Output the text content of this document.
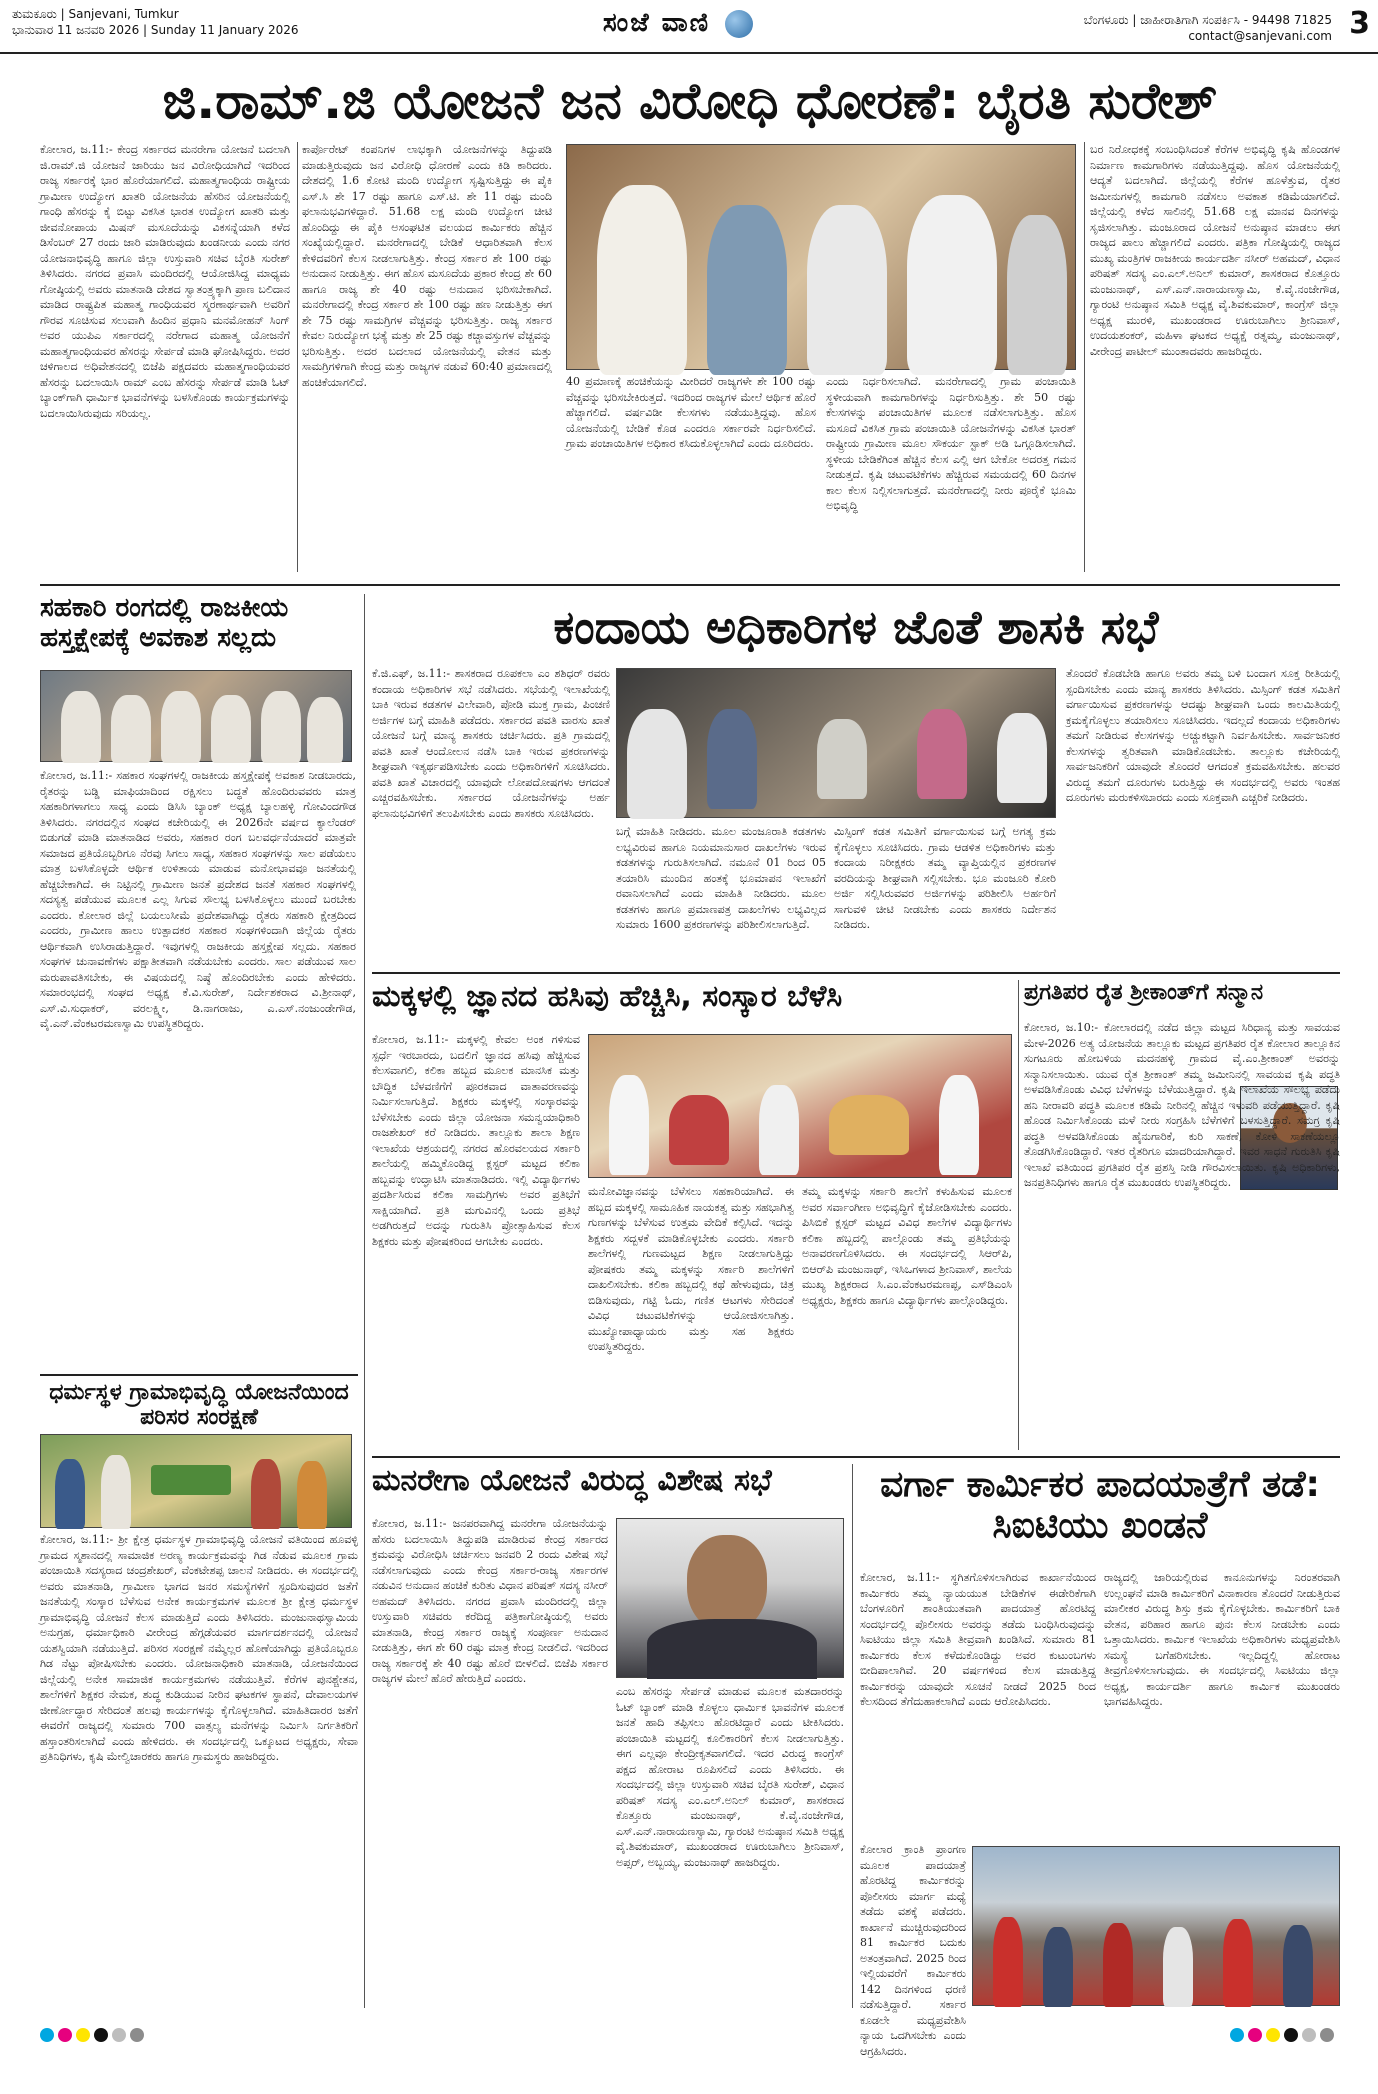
ತುಮಕೂರು | Sanjevani, Tumkur
ಭಾನುವಾರ 11 ಜನವರಿ 2026 | Sunday 11 January 2026	ಸಂಜೆ ವಾಣಿ	ಬೆಂಗಳೂರು | ಜಾಹೀರಾತಿಗಾಗಿ ಸಂಪರ್ಕಿಸಿ - 94498 71825
contact@sanjevani.com 3
ಜಿ.ರಾಮ್.ಜಿ ಯೋಜನೆ ಜನ ವಿರೋಧಿ ಧೋರಣೆ: ಬೈರತಿ ಸುರೇಶ್
ಕೋಲಾರ, ಜ.11:- ಕೇಂದ್ರ ಸರ್ಕಾರದ ಮನರೇಗಾ ಯೋಜನೆ ಬದಲಾಗಿ ಜಿ.ರಾಮ್.ಜಿ ಯೋಜನೆ ಜಾರಿಯು ಜನ ವಿರೋಧಿಯಾಗಿದೆ ಇದರಿಂದ ರಾಜ್ಯ ಸರ್ಕಾರಕ್ಕೆ ಭಾರ ಹೊರೆಯಾಗಲಿದೆ. ಮಹಾತ್ಮಗಾಂಧಿಯ ರಾಷ್ಟ್ರೀಯ ಗ್ರಾಮೀಣ ಉದ್ಯೋಗ ಖಾತರಿ ಯೋಜನೆಯ ಹೆಸರಿನ ಯೋಜನೆಯಲ್ಲಿ ಗಾಂಧಿ ಹೆಸರನ್ನು ಕೈ ಬಿಟ್ಟು ವಿಕಸಿತ ಭಾರತ ಉದ್ಯೋಗ ಖಾತರಿ ಮತ್ತು ಜೀವನೋಪಾಯ ಮಿಷನ್ ಮಸೂದೆಯನ್ನು ವಿಕಸನ್ನೆಯಾಗಿ ಕಳೆದ ಡಿಸೆಂಬರ್ 27 ರಂದು ಜಾರಿ ಮಾಡಿರುವುದು ಖಂಡನೀಯ ಎಂದು ನಗರ ಯೋಜನಾಭಿವೃದ್ಧಿ ಹಾಗೂ ಜಿಲ್ಲಾ ಉಸ್ತುವಾರಿ ಸಚಿವ ಬೈರತಿ ಸುರೇಶ್ ತಿಳಿಸಿದರು. ನಗರದ ಪ್ರವಾಸಿ ಮಂದಿರದಲ್ಲಿ ಆಯೋಜಿಸಿದ್ದ ಮಾಧ್ಯಮ ಗೋಷ್ಠಿಯಲ್ಲಿ ಅವರು ಮಾತನಾಡಿ ದೇಶದ ಸ್ವಾತಂತ್ರ್ಯಕ್ಕಾಗಿ ಪ್ರಾಣ ಬಲಿದಾನ ಮಾಡಿದ ರಾಷ್ಟ್ರಪಿತ ಮಹಾತ್ಮ ಗಾಂಧಿಯವರ ಸ್ಮರಣಾರ್ಥವಾಗಿ ಅವರಿಗೆ ಗೌರವ ಸೂಚಿಸುವ ಸಲುವಾಗಿ ಹಿಂದಿನ ಪ್ರಧಾನಿ ಮನಮೋಹನ್ ಸಿಂಗ್ ಅವರ ಯುಪಿಎ ಸರ್ಕಾರದಲ್ಲಿ ನರೇಗಾದ ಮಹಾತ್ಮ ಯೋಜನೆಗೆ ಮಹಾತ್ಮಗಾಂಧಿಯವರ ಹೆಸರನ್ನು ಸೇರ್ಪಡೆ ಮಾಡಿ ಘೋಷಿಸಿದ್ದರು. ಅದರ ಚಳಿಗಾಲದ ಅಧಿವೇಶನದಲ್ಲಿ ಬಿಜೆಪಿ ಪಕ್ಷದವರು ಮಹಾತ್ಮಗಾಂಧಿಯವರ ಹೆಸರನ್ನು ಬದಲಾಯಿಸಿ ರಾಮ್ ಎಂಬ ಹೆಸರನ್ನು ಸೇರ್ಪಡೆ ಮಾಡಿ ಓಟ್ ಬ್ಯಾಂಕ್‌ಗಾಗಿ ಧಾರ್ಮಿಕ ಭಾವನೆಗಳನ್ನು ಬಳಸಿಕೊಂಡು ಕಾರ್ಯಕ್ರಮಗಳನ್ನು ಬದಲಾಯಿಸಿರುವುದು ಸರಿಯಲ್ಲ.
ಕಾರ್ಪೊರೇಟ್ ಕಂಪನಿಗಳ ಲಾಭಕ್ಕಾಗಿ ಯೋಜನೆಗಳನ್ನು ತಿದ್ದುಪಡಿ ಮಾಡುತ್ತಿರುವುದು ಜನ ವಿರೋಧಿ ಧೋರಣೆ ಎಂದು ಕಿಡಿ ಕಾರಿದರು. ದೇಶದಲ್ಲಿ 1.6 ಕೋಟಿ ಮಂದಿ ಉದ್ಯೋಗ ಸೃಷ್ಟಿಸುತ್ತಿದ್ದು ಈ ಪೈಕಿ ಎಸ್.ಸಿ ಶೇ 17 ರಷ್ಟು ಹಾಗೂ ಎಸ್.ಟಿ. ಶೇ 11 ರಷ್ಟು ಮಂದಿ ಫಲಾನುಭವಿಗಳಿದ್ದಾರೆ. 51.68 ಲಕ್ಷ ಮಂದಿ ಉದ್ಯೋಗ ಚೀಟಿ ಹೊಂದಿದ್ದು ಈ ಪೈಕಿ ಅಸಂಘಟಿತ ವಲಯದ ಕಾರ್ಮಿಕರು ಹೆಚ್ಚಿನ ಸಂಖ್ಯೆಯಲ್ಲಿದ್ದಾರೆ. ಮನರೇಗಾದಲ್ಲಿ ಬೇಡಿಕೆ ಆಧಾರಿತವಾಗಿ ಕೆಲಸ ಕೇಳಿದವರಿಗೆ ಕೆಲಸ ನೀಡಲಾಗುತ್ತಿತ್ತು. ಕೇಂದ್ರ ಸರ್ಕಾರ ಶೇ 100 ರಷ್ಟು ಅನುದಾನ ನೀಡುತ್ತಿತ್ತು. ಈಗ ಹೊಸ ಮಸೂದೆಯ ಪ್ರಕಾರ ಕೇಂದ್ರ ಶೇ 60 ಹಾಗೂ ರಾಜ್ಯ ಶೇ 40 ರಷ್ಟು ಅನುದಾನ ಭರಿಸಬೇಕಾಗಿದೆ. ಮನರೇಗಾದಲ್ಲಿ ಕೇಂದ್ರ ಸರ್ಕಾರ ಶೇ 100 ರಷ್ಟು ಹಣ ನೀಡುತ್ತಿತ್ತು ಈಗ ಶೇ 75 ರಷ್ಟು ಸಾಮಗ್ರಿಗಳ ವೆಚ್ಚವನ್ನು ಭರಿಸುತ್ತಿತ್ತು. ರಾಜ್ಯ ಸರ್ಕಾರ ಕೇವಲ ನಿರುದ್ಯೋಗ ಭತ್ಯೆ ಮತ್ತು ಶೇ 25 ರಷ್ಟು ಕಚ್ಚಾವಸ್ತುಗಳ ವೆಚ್ಚವನ್ನು ಭರಿಸುತ್ತಿತ್ತು. ಅದರ ಬದಲಾದ ಯೋಜನೆಯಲ್ಲಿ ವೇತನ ಮತ್ತು ಸಾಮಗ್ರಿಗಳಿಗಾಗಿ ಕೇಂದ್ರ ಮತ್ತು ರಾಜ್ಯಗಳ ನಡುವೆ 60:40 ಪ್ರಮಾಣದಲ್ಲಿ ಹಂಚಿಕೆಯಾಗಲಿದೆ.	40 ಪ್ರಮಾಣಕ್ಕೆ ಹಂಚಿಕೆಯನ್ನು ಮೀರಿದರೆ ರಾಜ್ಯಗಳೇ ಶೇ 100 ರಷ್ಟು ವೆಚ್ಚವನ್ನು ಭರಿಸಬೇಕಿರುತ್ತದೆ. ಇದರಿಂದ ರಾಜ್ಯಗಳ ಮೇಲೆ ಆರ್ಥಿಕ ಹೊರೆ ಹೆಚ್ಚಾಗಲಿದೆ. ವರ್ಷವಿಡೀ ಕೆಲಸಗಳು ನಡೆಯುತ್ತಿದ್ದವು. ಹೊಸ ಯೋಜನೆಯಲ್ಲಿ ಬೇಡಿಕೆ ಕೊಡ ಎಂದರೂ ಸರ್ಕಾರವೇ ನಿರ್ಧರಿಸಲಿದೆ. ಗ್ರಾಮ ಪಂಚಾಯಿತಿಗಳ ಅಧಿಕಾರ ಕಸಿದುಕೊಳ್ಳಲಾಗಿದೆ ಎಂದು ದೂರಿದರು.
ಎಂದು ನಿರ್ಧರಿಸಲಾಗಿದೆ. ಮನರೇಗಾದಲ್ಲಿ ಗ್ರಾಮ ಪಂಚಾಯಿತಿ ಸ್ಥಳೀಯವಾಗಿ ಕಾಮಗಾರಿಗಳನ್ನು ನಿರ್ಧರಿಸುತ್ತಿತ್ತು. ಶೇ 50 ರಷ್ಟು ಕೆಲಸಗಳನ್ನು ಪಂಚಾಯಿತಿಗಳ ಮೂಲಕ ನಡೆಸಲಾಗುತ್ತಿತ್ತು. ಹೊಸ ಮಸೂದೆ ವಿಕಸಿತ ಗ್ರಾಮ ಪಂಚಾಯಿತಿ ಯೋಜನೆಗಳನ್ನು ವಿಕಸಿತ ಭಾರತ್ ರಾಷ್ಟ್ರೀಯ ಗ್ರಾಮೀಣ ಮೂಲ ಸೌಕರ್ಯ ಸ್ಟಾಕ್ ಅಡಿ ಒಗ್ಗೂಡಿಸಲಾಗಿದೆ. ಸ್ಥಳೀಯ ಬೇಡಿಕೆಗಿಂತ ಹೆಚ್ಚಿನ ಕೆಲಸ ಎಲ್ಲಿ ಆಗ ಬೇಕೋ ಅದರತ್ತ ಗಮನ ನೀಡುತ್ತದೆ. ಕೃಷಿ ಚಟುವಟಿಕೆಗಳು ಹೆಚ್ಚಿರುವ ಸಮಯದಲ್ಲಿ 60 ದಿನಗಳ ಕಾಲ ಕೆಲಸ ನಿಲ್ಲಿಸಲಾಗುತ್ತದೆ. ಮನರೇಗಾದಲ್ಲಿ ನೀರು ಪೂರೈಕೆ ಭೂಮಿ ಅಭಿವೃದ್ಧಿ
ಬರ ನಿರೋಧಕಕ್ಕೆ ಸಂಬಂಧಿಸಿದಂತೆ ಕೆರೆಗಳ ಅಭಿವೃದ್ಧಿ ಕೃಷಿ ಹೊಂಡಗಳ ನಿರ್ಮಾಣ ಕಾಮಗಾರಿಗಳು ನಡೆಯುತ್ತಿದ್ದವು. ಹೊಸ ಯೋಜನೆಯಲ್ಲಿ ಆದ್ಯತೆ ಬದಲಾಗಿದೆ. ಜಿಲ್ಲೆಯಲ್ಲಿ ಕೆರೆಗಳ ಹೂಳೆತ್ತುವ, ರೈತರ ಜಮೀನುಗಳಲ್ಲಿ ಕಾಮಗಾರಿ ನಡೆಸಲು ಅವಕಾಶ ಕಡಿಮೆಯಾಗಲಿದೆ. ಜಿಲ್ಲೆಯಲ್ಲಿ ಕಳೆದ ಸಾಲಿನಲ್ಲಿ 51.68 ಲಕ್ಷ ಮಾನವ ದಿನಗಳನ್ನು ಸೃಜಿಸಲಾಗಿತ್ತು. ಮಂಜೂರಾದ ಯೋಜನೆ ಅನುಷ್ಠಾನ ಮಾಡಲು ಈಗ ರಾಜ್ಯದ ಪಾಲು ಹೆಚ್ಚಾಗಲಿದೆ ಎಂದರು. ಪತ್ರಿಕಾ ಗೋಷ್ಠಿಯಲ್ಲಿ ರಾಜ್ಯದ ಮುಖ್ಯ ಮಂತ್ರಿಗಳ ರಾಜಕೀಯ ಕಾರ್ಯದರ್ಶಿ ನಸೀರ್ ಅಹಮದ್, ವಿಧಾನ ಪರಿಷತ್ ಸದಸ್ಯ ಎಂ.ಎಲ್.ಅನಿಲ್ ಕುಮಾರ್, ಶಾಸಕರಾದ ಕೊತ್ತೂರು ಮಂಜುನಾಥ್, ಎಸ್.ಎನ್.ನಾರಾಯಣಸ್ವಾಮಿ, ಕೆ.ವೈ.ನಂಜೇಗೌಡ, ಗ್ಯಾರಂಟಿ ಅನುಷ್ಠಾನ ಸಮಿತಿ ಅಧ್ಯಕ್ಷ ವೈ.ಶಿವಕುಮಾರ್, ಕಾಂಗ್ರೆಸ್ ಜಿಲ್ಲಾ ಅಧ್ಯಕ್ಷ ಮುರಳಿ, ಮುಖಂಡರಾದ ಊರುಬಾಗಿಲು ಶ್ರೀನಿವಾಸ್, ಉದಯಶಂಕರ್, ಮಹಿಳಾ ಘಟಕದ ಅಧ್ಯಕ್ಷೆ ರತ್ನಮ್ಮ, ಮಂಜುನಾಥ್, ವೀರೇಂದ್ರ ಪಾಟೀಲ್ ಮುಂತಾದವರು ಹಾಜರಿದ್ದರು.
ಸಹಕಾರಿ ರಂಗದಲ್ಲಿ ರಾಜಕೀಯ ಹಸ್ತಕ್ಷೇಪಕ್ಕೆ ಅವಕಾಶ ಸಲ್ಲದು
ಕೋಲಾರ, ಜ.11:- ಸಹಕಾರ ಸಂಘಗಳಲ್ಲಿ ರಾಜಕೀಯ ಹಸ್ತಕ್ಷೇಪಕ್ಕೆ ಅವಕಾಶ ನೀಡಬಾರದು, ರೈತರನ್ನು ಬಡ್ಡಿ ಮಾಫಿಯಾದಿಂದ ರಕ್ಷಿಸಲು ಬದ್ಧತೆ ಹೊಂದಿರುವವರು ಮಾತ್ರ ಸಹಕಾರಿಗಳಾಗಲು ಸಾಧ್ಯ ಎಂದು ಡಿಸಿಸಿ ಬ್ಯಾಂಕ್ ಅಧ್ಯಕ್ಷ ಬ್ಯಾಲಹಳ್ಳಿ ಗೋವಿಂದಗೌಡ ತಿಳಿಸಿದರು. ನಗರದಲ್ಲಿನ ಸಂಘದ ಕಚೇರಿಯಲ್ಲಿ ಈ 2026ನೇ ವರ್ಷದ ಕ್ಯಾಲೆಂಡರ್ ಬಿಡುಗಡೆ ಮಾಡಿ ಮಾತನಾಡಿದ ಅವರು, ಸಹಕಾರ ರಂಗ ಬಲವರ್ಧನೆಯಾದರೆ ಮಾತ್ರವೇ ಸಮಾಜದ ಪ್ರತಿಯೊಬ್ಬರಿಗೂ ನೆರವು ಸಿಗಲು ಸಾಧ್ಯ, ಸಹಕಾರ ಸಂಘಗಳನ್ನು ಸಾಲ ಪಡೆಯಲು ಮಾತ್ರ ಬಳಸಿಕೊಳ್ಳದೇ ಆರ್ಥಿಕ ಉಳಿತಾಯ ಮಾಡುವ ಮನೋಭಾವವೂ ಜನತೆಯಲ್ಲಿ ಹೆಚ್ಚಬೇಕಾಗಿದೆ. ಈ ನಿಟ್ಟಿನಲ್ಲಿ ಗ್ರಾಮೀಣ ಜನತೆ ಪ್ರದೇಶದ ಜನತೆ ಸಹಕಾರ ಸಂಘಗಳಲ್ಲಿ ಸದಸ್ಯತ್ವ ಪಡೆಯುವ ಮೂಲಕ ಎಲ್ಲ ಸಿಗುವ ಸೌಲಭ್ಯ ಬಳಸಿಕೊಳ್ಳಲು ಮುಂದೆ ಬರಬೇಕು ಎಂದರು. ಕೋಲಾರ ಜಿಲ್ಲೆ ಬಯಲುಸೀಮೆ ಪ್ರದೇಶವಾಗಿದ್ದು ರೈತರು ಸಹಕಾರಿ ಕ್ಷೇತ್ರದಿಂದ ಎಂದರು, ಗ್ರಾಮೀಣ ಹಾಲು ಉತ್ಪಾದಕರ ಸಹಕಾರ ಸಂಘಗಳಿಂದಾಗಿ ಜಿಲ್ಲೆಯ ರೈತರು ಆರ್ಥಿಕವಾಗಿ ಉಸಿರಾಡುತ್ತಿದ್ದಾರೆ. ಇವುಗಳಲ್ಲಿ ರಾಜಕೀಯ ಹಸ್ತಕ್ಷೇಪ ಸಲ್ಲದು. ಸಹಕಾರ ಸಂಘಗಳ ಚುನಾವಣೆಗಳು ಪಕ್ಷಾತೀತವಾಗಿ ನಡೆಯಬೇಕು ಎಂದರು. ಸಾಲ ಪಡೆಯುವ ಸಾಲ ಮರುಪಾವತಿಸಬೇಕು, ಈ ವಿಷಯದಲ್ಲಿ ನಿಷ್ಠೆ ಹೊಂದಿರಬೇಕು ಎಂದು ಹೇಳಿದರು. ಸಮಾರಂಭದಲ್ಲಿ ಸಂಘದ ಅಧ್ಯಕ್ಷ ಕೆ.ವಿ.ಸುರೇಶ್, ನಿರ್ದೇಶಕರಾದ ವಿ.ಶ್ರೀನಾಥ್, ಎಸ್.ವಿ.ಸುಧಾಕರ್, ವರಲಕ್ಷ್ಮೀ, ಡಿ.ನಾಗರಾಜು, ಎ.ಎಸ್.ನಂಜುಂಡೇಗೌಡ, ವೈ.ಎನ್.ವೆಂಕಟರಮಣಸ್ವಾಮಿ ಉಪಸ್ಥಿತರಿದ್ದರು.
ಧರ್ಮಸ್ಥಳ ಗ್ರಾಮಾಭಿವೃದ್ಧಿ ಯೋಜನೆಯಿಂದ ಪರಿಸರ ಸಂರಕ್ಷಣೆ
ಕೋಲಾರ, ಜ.11:- ಶ್ರೀ ಕ್ಷೇತ್ರ ಧರ್ಮಸ್ಥಳ ಗ್ರಾಮಾಭಿವೃದ್ಧಿ ಯೋಜನೆ ವತಿಯಿಂದ ಹೂವಳ್ಳಿ ಗ್ರಾಮದ ಸ್ಮಶಾನದಲ್ಲಿ ಸಾಮಾಜಿಕ ಅರಣ್ಯ ಕಾರ್ಯಕ್ರಮವನ್ನು ಗಿಡ ನೆಡುವ ಮೂಲಕ ಗ್ರಾಮ ಪಂಚಾಯಿತಿ ಸದಸ್ಯರಾದ ಚಂದ್ರಶೇಖರ್, ವೆಂಕಟೇಶಪ್ಪ ಚಾಲನೆ ನೀಡಿದರು. ಈ ಸಂದರ್ಭದಲ್ಲಿ ಅವರು ಮಾತನಾಡಿ, ಗ್ರಾಮೀಣ ಭಾಗದ ಜನರ ಸಮಸ್ಯೆಗಳಿಗೆ ಸ್ಪಂದಿಸುವುದರ ಜತೆಗೆ ಜನತೆಯಲ್ಲಿ ಸಂಸ್ಕಾರ ಬೆಳೆಸುವ ಅನೇಕ ಕಾರ್ಯಕ್ರಮಗಳ ಮೂಲಕ ಶ್ರೀ ಕ್ಷೇತ್ರ ಧರ್ಮಸ್ಥಳ ಗ್ರಾಮಾಭಿವೃದ್ಧಿ ಯೋಜನೆ ಕೆಲಸ ಮಾಡುತ್ತಿದೆ ಎಂದು ತಿಳಿಸಿದರು. ಮಂಜುನಾಥಸ್ವಾಮಿಯ ಅನುಗ್ರಹ, ಧರ್ಮಾಧಿಕಾರಿ ವೀರೇಂದ್ರ ಹೆಗ್ಗಡೆಯವರ ಮಾರ್ಗದರ್ಶನದಲ್ಲಿ ಯೋಜನೆ ಯಶಸ್ವಿಯಾಗಿ ನಡೆಯುತ್ತಿದೆ. ಪರಿಸರ ಸಂರಕ್ಷಣೆ ನಮ್ಮೆಲ್ಲರ ಹೊಣೆಯಾಗಿದ್ದು ಪ್ರತಿಯೊಬ್ಬರೂ ಗಿಡ ನೆಟ್ಟು ಪೋಷಿಸಬೇಕು ಎಂದರು. ಯೋಜನಾಧಿಕಾರಿ ಮಾತನಾಡಿ, ಯೋಜನೆಯಿಂದ ಜಿಲ್ಲೆಯಲ್ಲಿ ಅನೇಕ ಸಾಮಾಜಿಕ ಕಾರ್ಯಕ್ರಮಗಳು ನಡೆಯುತ್ತಿವೆ. ಕೆರೆಗಳ ಪುನಶ್ಚೇತನ, ಶಾಲೆಗಳಿಗೆ ಶಿಕ್ಷಕರ ನೇಮಕ, ಶುದ್ಧ ಕುಡಿಯುವ ನೀರಿನ ಘಟಕಗಳ ಸ್ಥಾಪನೆ, ದೇವಾಲಯಗಳ ಜೀರ್ಣೋದ್ಧಾರ ಸೇರಿದಂತೆ ಹಲವು ಕಾರ್ಯಗಳನ್ನು ಕೈಗೊಳ್ಳಲಾಗಿದೆ. ಮಾಹಿತಿದಾರರ ಜತೆಗೆ ಈವರೆಗೆ ರಾಜ್ಯದಲ್ಲಿ ಸುಮಾರು 700 ವಾತ್ಸಲ್ಯ ಮನೆಗಳನ್ನು ನಿರ್ಮಿಸಿ ನಿರ್ಗತಿಕರಿಗೆ ಹಸ್ತಾಂತರಿಸಲಾಗಿದೆ ಎಂದು ಹೇಳಿದರು. ಈ ಸಂದರ್ಭದಲ್ಲಿ ಒಕ್ಕೂಟದ ಅಧ್ಯಕ್ಷರು, ಸೇವಾ ಪ್ರತಿನಿಧಿಗಳು, ಕೃಷಿ ಮೇಲ್ವಿಚಾರಕರು ಹಾಗೂ ಗ್ರಾಮಸ್ಥರು ಹಾಜರಿದ್ದರು.
ಕಂದಾಯ ಅಧಿಕಾರಿಗಳ ಜೊತೆ ಶಾಸಕಿ ಸಭೆ
ಕೆ.ಜಿ.ಎಫ್, ಜ.11:- ಶಾಸಕರಾದ ರೂಪಕಲಾ ಎಂ ಶಶಿಧರ್ ರವರು ಕಂದಾಯ ಅಧಿಕಾರಿಗಳ ಸಭೆ ನಡೆಸಿದರು. ಸಭೆಯಲ್ಲಿ ಇಲಾಖೆಯಲ್ಲಿ ಬಾಕಿ ಇರುವ ಕಡತಗಳ ವಿಲೇವಾರಿ, ಪೋಡಿ ಮುಕ್ತ ಗ್ರಾಮ, ಪಿಂಚಣಿ ಅರ್ಜಿಗಳ ಬಗ್ಗೆ ಮಾಹಿತಿ ಪಡೆದರು. ಸರ್ಕಾರದ ಪವತಿ ವಾರಸು ಖಾತೆ ಯೋಜನೆ ಬಗ್ಗೆ ಮಾನ್ಯ ಶಾಸಕರು ಚರ್ಚಿಸಿದರು. ಪ್ರತಿ ಗ್ರಾಮದಲ್ಲಿ ಪವತಿ ಖಾತೆ ಆಂದೋಲನ ನಡೆಸಿ ಬಾಕಿ ಇರುವ ಪ್ರಕರಣಗಳನ್ನು ಶೀಘ್ರವಾಗಿ ಇತ್ಯರ್ಥಪಡಿಸಬೇಕು ಎಂದು ಅಧಿಕಾರಿಗಳಿಗೆ ಸೂಚಿಸಿದರು. ಪವತಿ ಖಾತೆ ವಿಚಾರದಲ್ಲಿ ಯಾವುದೇ ಲೋಪದೋಷಗಳು ಆಗದಂತೆ ಎಚ್ಚರವಹಿಸಬೇಕು. ಸರ್ಕಾರದ ಯೋಜನೆಗಳನ್ನು ಅರ್ಹ ಫಲಾನುಭವಿಗಳಿಗೆ ತಲುಪಿಸಬೇಕು ಎಂದು ಶಾಸಕರು ಸೂಚಿಸಿದರು.
ಬಗ್ಗೆ ಮಾಹಿತಿ ನೀಡಿದರು. ಮೂಲ ಮಂಜೂರಾತಿ ಕಡತಗಳು ಲಭ್ಯವಿರುವ ಹಾಗೂ ನಿಯಮಾನುಸಾರ ದಾಖಲೆಗಳು ಇರುವ ಕಡತಗಳನ್ನು ಗುರುತಿಸಲಾಗಿದೆ. ನಮೂನೆ 01 ರಿಂದ 05 ತಯಾರಿಸಿ ಮುಂದಿನ ಹಂತಕ್ಕೆ ಭೂಮಾಪನ ಇಲಾಖೆಗೆ ರವಾನಿಸಲಾಗಿದೆ ಎಂದು ಮಾಹಿತಿ ನೀಡಿದರು. ಮೂಲ ಕಡತಗಳು ಹಾಗೂ ಪ್ರಮಾಣಪತ್ರ ದಾಖಲೆಗಳು ಲಭ್ಯವಿಲ್ಲದ ಸುಮಾರು 1600 ಪ್ರಕರಣಗಳನ್ನು ಪರಿಶೀಲಿಸಲಾಗುತ್ತಿದೆ.
ಮಿಸ್ಸಿಂಗ್ ಕಡತ ಸಮಿತಿಗೆ ವರ್ಗಾಯಿಸುವ ಬಗ್ಗೆ ಅಗತ್ಯ ಕ್ರಮ ಕೈಗೊಳ್ಳಲು ಸೂಚಿಸಿದರು. ಗ್ರಾಮ ಆಡಳಿತ ಅಧಿಕಾರಿಗಳು ಮತ್ತು ಕಂದಾಯ ನಿರೀಕ್ಷಕರು ತಮ್ಮ ವ್ಯಾಪ್ತಿಯಲ್ಲಿನ ಪ್ರಕರಣಗಳ ವರದಿಯನ್ನು ಶೀಘ್ರವಾಗಿ ಸಲ್ಲಿಸಬೇಕು. ಭೂ ಮಂಜೂರಿ ಕೋರಿ ಅರ್ಜಿ ಸಲ್ಲಿಸಿರುವವರ ಅರ್ಜಿಗಳನ್ನು ಪರಿಶೀಲಿಸಿ ಅರ್ಹರಿಗೆ ಸಾಗುವಳಿ ಚೀಟಿ ನೀಡಬೇಕು ಎಂದು ಶಾಸಕರು ನಿರ್ದೇಶನ ನೀಡಿದರು.
ತೊಂದರೆ ಕೊಡಬೇಡಿ ಹಾಗೂ ಅವರು ತಮ್ಮ ಬಳಿ ಬಂದಾಗ ಸೂಕ್ತ ರೀತಿಯಲ್ಲಿ ಸ್ಪಂದಿಸಬೇಕು ಎಂದು ಮಾನ್ಯ ಶಾಸಕರು ತಿಳಿಸಿದರು. ಮಿಸ್ಸಿಂಗ್ ಕಡತ ಸಮಿತಿಗೆ ವರ್ಗಾಯಿಸುವ ಪ್ರಕರಣಗಳನ್ನು ಆದಷ್ಟು ಶೀಘ್ರವಾಗಿ ಒಂದು ಕಾಲಮಿತಿಯಲ್ಲಿ ಕ್ರಮಕೈಗೊಳ್ಳಲು ತಯಾರಿಸಲು ಸೂಚಿಸಿದರು. ಇದಲ್ಲದೆ ಕಂದಾಯ ಅಧಿಕಾರಿಗಳು ತಮಗೆ ನೀಡಿರುವ ಕೆಲಸಗಳನ್ನು ಅಚ್ಚುಕಟ್ಟಾಗಿ ನಿರ್ವಹಿಸಬೇಕು. ಸಾರ್ವಜನಿಕರ ಕೆಲಸಗಳನ್ನು ತ್ವರಿತವಾಗಿ ಮಾಡಿಕೊಡಬೇಕು. ತಾಲ್ಲೂಕು ಕಚೇರಿಯಲ್ಲಿ ಸಾರ್ವಜನಿಕರಿಗೆ ಯಾವುದೇ ತೊಂದರೆ ಆಗದಂತೆ ಕ್ರಮವಹಿಸಬೇಕು. ಹಲವರ ವಿರುದ್ಧ ತಮಗೆ ದೂರುಗಳು ಬರುತ್ತಿದ್ದು ಈ ಸಂದರ್ಭದಲ್ಲಿ ಅವರು ಇಂತಹ ದೂರುಗಳು ಮರುಕಳಿಸಬಾರದು ಎಂದು ಸೂಕ್ತವಾಗಿ ಎಚ್ಚರಿಕೆ ನೀಡಿದರು.
ಮಕ್ಕಳಲ್ಲಿ ಜ್ಞಾನದ ಹಸಿವು ಹೆಚ್ಚಿಸಿ, ಸಂಸ್ಕಾರ ಬೆಳೆಸಿ
ಕೋಲಾರ, ಜ.11:- ಮಕ್ಕಳಲ್ಲಿ ಕೇವಲ ಅಂಕ ಗಳಿಸುವ ಸ್ಪರ್ಧೆ ಇರಬಾರದು, ಬದಲಿಗೆ ಜ್ಞಾನದ ಹಸಿವು ಹೆಚ್ಚಿಸುವ ಕೆಲಸವಾಗಲಿ, ಕಲಿಕಾ ಹಬ್ಬದ ಮೂಲಕ ಮಾನಸಿಕ ಮತ್ತು ಬೌದ್ಧಿಕ ಬೆಳವಣಿಗೆಗೆ ಪೂರಕವಾದ ವಾತಾವರಣವನ್ನು ನಿರ್ಮಿಸಲಾಗುತ್ತಿದೆ. ಶಿಕ್ಷಕರು ಮಕ್ಕಳಲ್ಲಿ ಸಂಸ್ಕಾರವನ್ನು ಬೆಳೆಸಬೇಕು ಎಂದು ಜಿಲ್ಲಾ ಯೋಜನಾ ಸಮನ್ವಯಾಧಿಕಾರಿ ರಾಜಶೇಖರ್ ಕರೆ ನೀಡಿದರು. ತಾಲ್ಲೂಕು ಶಾಲಾ ಶಿಕ್ಷಣ ಇಲಾಖೆಯ ಆಶ್ರಯದಲ್ಲಿ ನಗರದ ಹೊರವಲಯದ ಸರ್ಕಾರಿ ಶಾಲೆಯಲ್ಲಿ ಹಮ್ಮಿಕೊಂಡಿದ್ದ ಕ್ಲಸ್ಟರ್ ಮಟ್ಟದ ಕಲಿಕಾ ಹಬ್ಬವನ್ನು ಉದ್ಘಾಟಿಸಿ ಮಾತನಾಡಿದರು. ಇಲ್ಲಿ ವಿದ್ಯಾರ್ಥಿಗಳು ಪ್ರದರ್ಶಿಸಿರುವ ಕಲಿಕಾ ಸಾಮಗ್ರಿಗಳು ಅವರ ಪ್ರತಿಭೆಗೆ ಸಾಕ್ಷಿಯಾಗಿದೆ. ಪ್ರತಿ ಮಗುವಿನಲ್ಲಿ ಒಂದು ಪ್ರತಿಭೆ ಅಡಗಿರುತ್ತದೆ ಅದನ್ನು ಗುರುತಿಸಿ ಪ್ರೋತ್ಸಾಹಿಸುವ ಕೆಲಸ ಶಿಕ್ಷಕರು ಮತ್ತು ಪೋಷಕರಿಂದ ಆಗಬೇಕು ಎಂದರು.
ಮನೋವಿಜ್ಞಾನವನ್ನು ಬೆಳೆಸಲು ಸಹಕಾರಿಯಾಗಿದೆ. ಈ ಹಬ್ಬದ ಮಕ್ಕಳಲ್ಲಿ ಸಾಮೂಹಿಕ ನಾಯಕತ್ವ ಮತ್ತು ಸಹಭಾಗಿತ್ವ ಗುಣಗಳನ್ನು ಬೆಳೆಸುವ ಉತ್ತಮ ವೇದಿಕೆ ಕಲ್ಪಿಸಿದೆ. ಇದನ್ನು ಶಿಕ್ಷಕರು ಸದ್ಬಳಕೆ ಮಾಡಿಕೊಳ್ಳಬೇಕು ಎಂದರು. ಸರ್ಕಾರಿ ಶಾಲೆಗಳಲ್ಲಿ ಗುಣಮಟ್ಟದ ಶಿಕ್ಷಣ ನೀಡಲಾಗುತ್ತಿದ್ದು ಪೋಷಕರು ತಮ್ಮ ಮಕ್ಕಳನ್ನು ಸರ್ಕಾರಿ ಶಾಲೆಗಳಿಗೆ ದಾಖಲಿಸಬೇಕು. ಕಲಿಕಾ ಹಬ್ಬದಲ್ಲಿ ಕಥೆ ಹೇಳುವುದು, ಚಿತ್ರ ಬಿಡಿಸುವುದು, ಗಟ್ಟಿ ಓದು, ಗಣಿತ ಆಟಗಳು ಸೇರಿದಂತೆ ವಿವಿಧ ಚಟುವಟಿಕೆಗಳನ್ನು ಆಯೋಜಿಸಲಾಗಿತ್ತು. ಮುಖ್ಯೋಪಾಧ್ಯಾಯರು ಮತ್ತು ಸಹ ಶಿಕ್ಷಕರು ಉಪಸ್ಥಿತರಿದ್ದರು.
ತಮ್ಮ ಮಕ್ಕಳನ್ನು ಸರ್ಕಾರಿ ಶಾಲೆಗೆ ಕಳುಹಿಸುವ ಮೂಲಕ ಅವರ ಸರ್ವಾಂಗೀಣ ಅಭಿವೃದ್ಧಿಗೆ ಕೈಜೋಡಿಸಬೇಕು ಎಂದರು. ಪಿಸಿಬಿಕೆ ಕ್ಲಸ್ಟರ್ ಮಟ್ಟದ ವಿವಿಧ ಶಾಲೆಗಳ ವಿದ್ಯಾರ್ಥಿಗಳು ಕಲಿಕಾ ಹಬ್ಬದಲ್ಲಿ ಪಾಲ್ಗೊಂಡು ತಮ್ಮ ಪ್ರತಿಭೆಯನ್ನು ಅನಾವರಣಗೊಳಿಸಿದರು. ಈ ಸಂದರ್ಭದಲ್ಲಿ ಸಿಆರ್‌ಪಿ, ಬಿಆರ್‌ಪಿ ಮಂಜುನಾಥ್, ಇಸಿಒಗಳಾದ ಶ್ರೀನಿವಾಸ್, ಶಾಲೆಯ ಮುಖ್ಯ ಶಿಕ್ಷಕರಾದ ಸಿ.ಎಂ.ವೆಂಕಟರಮಣಪ್ಪ, ಎಸ್‌ಡಿಎಂಸಿ ಅಧ್ಯಕ್ಷರು, ಶಿಕ್ಷಕರು ಹಾಗೂ ವಿದ್ಯಾರ್ಥಿಗಳು ಪಾಲ್ಗೊಂಡಿದ್ದರು.
ಪ್ರಗತಿಪರ ರೈತ ಶ್ರೀಕಾಂತ್‌ಗೆ ಸನ್ಮಾನ
ಕೋಲಾರ, ಜ.10:- ಕೋಲಾರದಲ್ಲಿ ನಡೆದ ಜಿಲ್ಲಾ ಮಟ್ಟದ ಸಿರಿಧಾನ್ಯ ಮತ್ತು ಸಾವಯವ ಮೇಳ-2026 ಅತ್ಯ ಯೋಜನೆಯ ತಾಲ್ಲೂಕು ಮಟ್ಟದ ಪ್ರಗತಿಪರ ರೈತ ಕೋಲಾರ ತಾಲ್ಲೂಕಿನ ಸುಗಟೂರು ಹೋಬಳಿಯ ಮದನಹಳ್ಳಿ ಗ್ರಾಮದ ವೈ.ಎಂ.ಶ್ರೀಕಾಂತ್ ಅವರನ್ನು ಸನ್ಮಾನಿಸಲಾಯಿತು. ಯುವ ರೈತ ಶ್ರೀಕಾಂತ್ ತಮ್ಮ ಜಮೀನಿನಲ್ಲಿ ಸಾವಯವ ಕೃಷಿ ಪದ್ಧತಿ ಅಳವಡಿಸಿಕೊಂಡು ವಿವಿಧ ಬೆಳೆಗಳನ್ನು ಬೆಳೆಯುತ್ತಿದ್ದಾರೆ. ಕೃಷಿ ಇಲಾಖೆಯ ಸೌಲಭ್ಯ ಪಡೆದು ಹನಿ ನೀರಾವರಿ ಪದ್ಧತಿ ಮೂಲಕ ಕಡಿಮೆ ನೀರಿನಲ್ಲಿ ಹೆಚ್ಚಿನ ಇಳುವರಿ ಪಡೆಯುತ್ತಿದ್ದಾರೆ. ಕೃಷಿ ಹೊಂಡ ನಿರ್ಮಿಸಿಕೊಂಡು ಮಳೆ ನೀರು ಸಂಗ್ರಹಿಸಿ ಬೆಳೆಗಳಿಗೆ ಬಳಸುತ್ತಿದ್ದಾರೆ. ಸಮಗ್ರ ಕೃಷಿ ಪದ್ಧತಿ ಅಳವಡಿಸಿಕೊಂಡು ಹೈನುಗಾರಿಕೆ, ಕುರಿ ಸಾಕಣೆ, ಕೋಳಿ ಸಾಕಣೆಯಲ್ಲೂ ತೊಡಗಿಸಿಕೊಂಡಿದ್ದಾರೆ. ಇತರ ರೈತರಿಗೂ ಮಾದರಿಯಾಗಿದ್ದಾರೆ. ಇವರ ಸಾಧನೆ ಗುರುತಿಸಿ ಕೃಷಿ ಇಲಾಖೆ ವತಿಯಿಂದ ಪ್ರಗತಿಪರ ರೈತ ಪ್ರಶಸ್ತಿ ನೀಡಿ ಗೌರವಿಸಲಾಯಿತು. ಕೃಷಿ ಅಧಿಕಾರಿಗಳು, ಜನಪ್ರತಿನಿಧಿಗಳು ಹಾಗೂ ರೈತ ಮುಖಂಡರು ಉಪಸ್ಥಿತರಿದ್ದರು.
ಮನರೇಗಾ ಯೋಜನೆ ವಿರುದ್ಧ ವಿಶೇಷ ಸಭೆ
ಕೋಲಾರ, ಜ.11:- ಜನಪರವಾಗಿದ್ದ ಮನರೇಗಾ ಯೋಜನೆಯನ್ನು ಹೆಸರು ಬದಲಾಯಿಸಿ ತಿದ್ದುಪಡಿ ಮಾಡಿರುವ ಕೇಂದ್ರ ಸರ್ಕಾರದ ಕ್ರಮವನ್ನು ವಿರೋಧಿಸಿ ಚರ್ಚಿಸಲು ಜನವರಿ 2 ರಂದು ವಿಶೇಷ ಸಭೆ ನಡೆಸಲಾಗುವುದು ಎಂದು ಕೇಂದ್ರ ಸರ್ಕಾರ-ರಾಜ್ಯ ಸರ್ಕಾರಗಳ ನಡುವಿನ ಅನುದಾನ ಹಂಚಿಕೆ ಕುರಿತು ವಿಧಾನ ಪರಿಷತ್ ಸದಸ್ಯ ನಸೀರ್ ಅಹಮದ್ ತಿಳಿಸಿದರು. ನಗರದ ಪ್ರವಾಸಿ ಮಂದಿರದಲ್ಲಿ ಜಿಲ್ಲಾ ಉಸ್ತುವಾರಿ ಸಚಿವರು ಕರೆದಿದ್ದ ಪತ್ರಿಕಾಗೋಷ್ಠಿಯಲ್ಲಿ ಅವರು ಮಾತನಾಡಿ, ಕೇಂದ್ರ ಸರ್ಕಾರ ರಾಜ್ಯಕ್ಕೆ ಸಂಪೂರ್ಣ ಅನುದಾನ ನೀಡುತ್ತಿತ್ತು, ಈಗ ಶೇ 60 ರಷ್ಟು ಮಾತ್ರ ಕೇಂದ್ರ ನೀಡಲಿದೆ. ಇದರಿಂದ ರಾಜ್ಯ ಸರ್ಕಾರಕ್ಕೆ ಶೇ 40 ರಷ್ಟು ಹೊರೆ ಬೀಳಲಿದೆ. ಬಿಜೆಪಿ ಸರ್ಕಾರ ರಾಜ್ಯಗಳ ಮೇಲೆ ಹೊರೆ ಹೇರುತ್ತಿದೆ ಎಂದರು.
ಎಂಬ ಹೆಸರನ್ನು ಸೇರ್ಪಡೆ ಮಾಡುವ ಮೂಲಕ ಮತದಾರರನ್ನು ಓಟ್ ಬ್ಯಾಂಕ್ ಮಾಡಿ ಕೊಳ್ಳಲು ಧಾರ್ಮಿಕ ಭಾವನೆಗಳ ಮೂಲಕ ಜನತೆ ಹಾದಿ ತಪ್ಪಿಸಲು ಹೊರಟಿದ್ದಾರೆ ಎಂದು ಟೀಕಿಸಿದರು. ಪಂಚಾಯಿತಿ ಮಟ್ಟದಲ್ಲಿ ಕೂಲಿಕಾರರಿಗೆ ಕೆಲಸ ನೀಡಲಾಗುತ್ತಿತ್ತು. ಈಗ ಎಲ್ಲವೂ ಕೇಂದ್ರೀಕೃತವಾಗಲಿದೆ. ಇದರ ವಿರುದ್ಧ ಕಾಂಗ್ರೆಸ್ ಪಕ್ಷದ ಹೋರಾಟ ರೂಪಿಸಲಿದೆ ಎಂದು ತಿಳಿಸಿದರು. ಈ ಸಂದರ್ಭದಲ್ಲಿ ಜಿಲ್ಲಾ ಉಸ್ತುವಾರಿ ಸಚಿವ ಬೈರತಿ ಸುರೇಶ್, ವಿಧಾನ ಪರಿಷತ್ ಸದಸ್ಯ ಎಂ.ಎಲ್.ಅನಿಲ್ ಕುಮಾರ್, ಶಾಸಕರಾದ ಕೊತ್ತೂರು ಮಂಜುನಾಥ್, ಕೆ.ವೈ.ನಂಜೇಗೌಡ, ಎಸ್.ಎನ್.ನಾರಾಯಣಸ್ವಾಮಿ, ಗ್ಯಾರಂಟಿ ಅನುಷ್ಠಾನ ಸಮಿತಿ ಅಧ್ಯಕ್ಷ ವೈ.ಶಿವಕುಮಾರ್, ಮುಖಂಡರಾದ ಊರುಬಾಗಿಲು ಶ್ರೀನಿವಾಸ್, ಅಪ್ಸರ್, ಅಬ್ಬಯ್ಯ, ಮಂಜುನಾಥ್ ಹಾಜರಿದ್ದರು.
ವರ್ಗಾ ಕಾರ್ಮಿಕರ ಪಾದಯಾತ್ರೆಗೆ ತಡೆ: ಸಿಐಟಿಯು ಖಂಡನೆ
ಕೋಲಾರ, ಜ.11:- ಸ್ಥಗಿತಗೊಳಿಸಲಾಗಿರುವ ಕಾರ್ಖಾನೆಯಿಂದ ಕಾರ್ಮಿಕರು ತಮ್ಮ ನ್ಯಾಯಯುತ ಬೇಡಿಕೆಗಳ ಈಡೇರಿಕೆಗಾಗಿ ಬೆಂಗಳೂರಿಗೆ ಶಾಂತಿಯುತವಾಗಿ ಪಾದಯಾತ್ರೆ ಹೊರಟಿದ್ದ ಸಂದರ್ಭದಲ್ಲಿ ಪೊಲೀಸರು ಅವರನ್ನು ತಡೆದು ಬಂಧಿಸಿರುವುದನ್ನು ಸಿಐಟಿಯು ಜಿಲ್ಲಾ ಸಮಿತಿ ತೀವ್ರವಾಗಿ ಖಂಡಿಸಿದೆ. ಸುಮಾರು 81 ಕಾರ್ಮಿಕರು ಕೆಲಸ ಕಳೆದುಕೊಂಡಿದ್ದು ಅವರ ಕುಟುಂಬಗಳು ಬೀದಿಪಾಲಾಗಿವೆ. 20 ವರ್ಷಗಳಿಂದ ಕೆಲಸ ಮಾಡುತ್ತಿದ್ದ ಕಾರ್ಮಿಕರನ್ನು ಯಾವುದೇ ಸೂಚನೆ ನೀಡದೆ 2025 ರಿಂದ ಕೆಲಸದಿಂದ ತೆಗೆದುಹಾಕಲಾಗಿದೆ ಎಂದು ಆರೋಪಿಸಿದರು.
ರಾಜ್ಯದಲ್ಲಿ ಜಾರಿಯಲ್ಲಿರುವ ಕಾನೂನುಗಳನ್ನು ನಿರಂತರವಾಗಿ ಉಲ್ಲಂಘನೆ ಮಾಡಿ ಕಾರ್ಮಿಕರಿಗೆ ವಿನಾಕಾರಣ ತೊಂದರೆ ನೀಡುತ್ತಿರುವ ಮಾಲೀಕರ ವಿರುದ್ಧ ಶಿಸ್ತು ಕ್ರಮ ಕೈಗೊಳ್ಳಬೇಕು. ಕಾರ್ಮಿಕರಿಗೆ ಬಾಕಿ ವೇತನ, ಪರಿಹಾರ ಹಾಗೂ ಪುನಃ ಕೆಲಸ ನೀಡಬೇಕು ಎಂದು ಒತ್ತಾಯಿಸಿದರು. ಕಾರ್ಮಿಕ ಇಲಾಖೆಯ ಅಧಿಕಾರಿಗಳು ಮಧ್ಯಪ್ರವೇಶಿಸಿ ಸಮಸ್ಯೆ ಬಗೆಹರಿಸಬೇಕು. ಇಲ್ಲದಿದ್ದಲ್ಲಿ ಹೋರಾಟ ತೀವ್ರಗೊಳಿಸಲಾಗುವುದು. ಈ ಸಂದರ್ಭದಲ್ಲಿ ಸಿಐಟಿಯು ಜಿಲ್ಲಾ ಅಧ್ಯಕ್ಷ, ಕಾರ್ಯದರ್ಶಿ ಹಾಗೂ ಕಾರ್ಮಿಕ ಮುಖಂಡರು ಭಾಗವಹಿಸಿದ್ದರು.
ಕೋಲಾರ ಕ್ರಾಂತಿ ಪ್ರಾಂಗಣ ಮೂಲಕ ಪಾದಯಾತ್ರೆ ಹೊರಟಿದ್ದ ಕಾರ್ಮಿಕರನ್ನು ಪೊಲೀಸರು ಮಾರ್ಗ ಮಧ್ಯೆ ತಡೆದು ವಶಕ್ಕೆ ಪಡೆದರು. ಕಾರ್ಖಾನೆ ಮುಚ್ಚಿರುವುದರಿಂದ 81 ಕಾರ್ಮಿಕರ ಬದುಕು ಅತಂತ್ರವಾಗಿದೆ. 2025 ರಿಂದ ಇಲ್ಲಿಯವರೆಗೆ ಕಾರ್ಮಿಕರು 142 ದಿನಗಳಿಂದ ಧರಣಿ ನಡೆಸುತ್ತಿದ್ದಾರೆ. ಸರ್ಕಾರ ಕೂಡಲೇ ಮಧ್ಯಪ್ರವೇಶಿಸಿ ನ್ಯಾಯ ಒದಗಿಸಬೇಕು ಎಂದು ಆಗ್ರಹಿಸಿದರು.
